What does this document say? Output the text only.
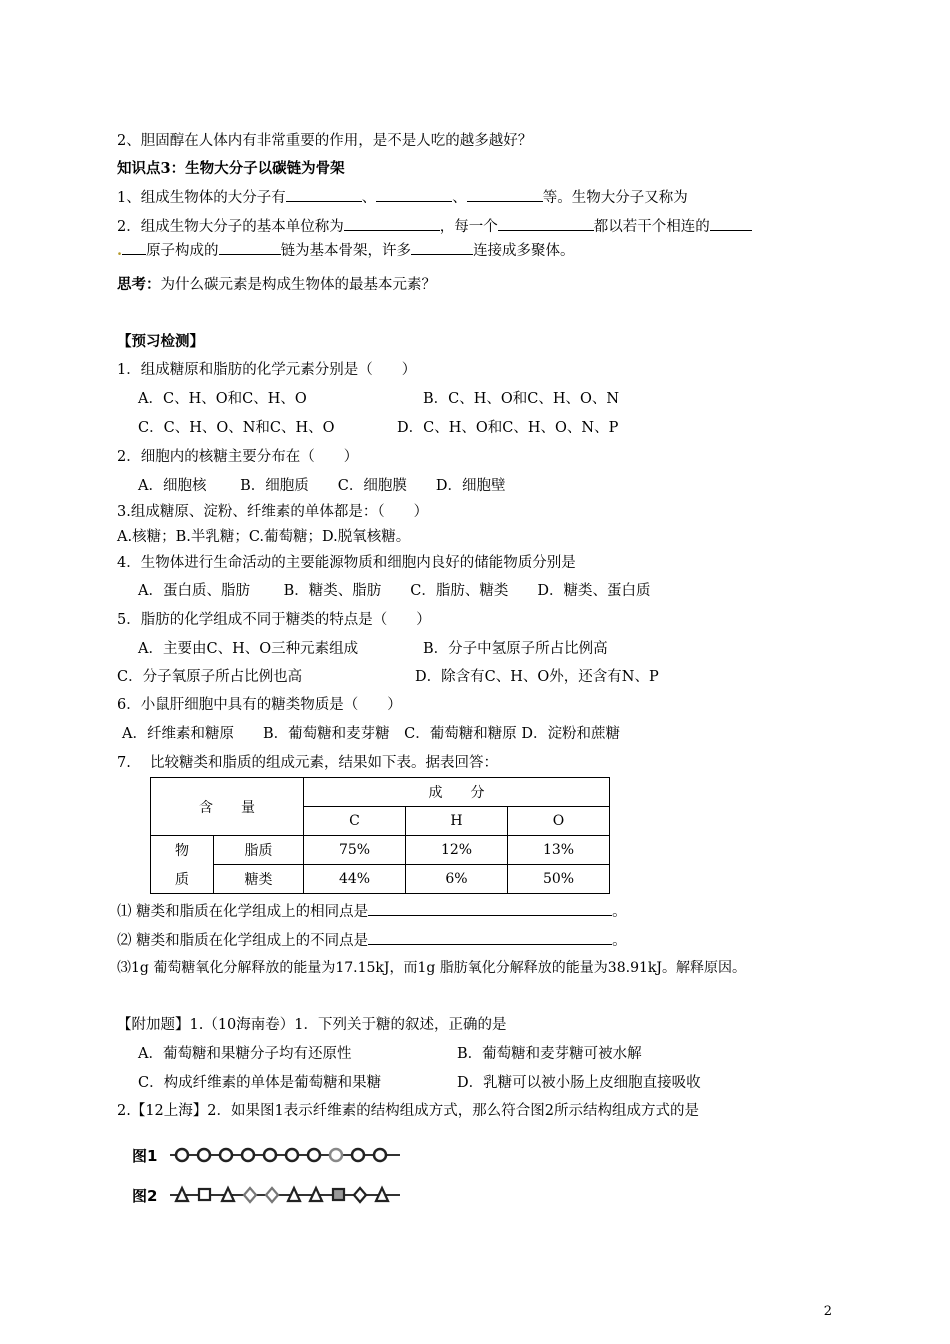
2、胆固醇在人体内有非常重要的作用，是不是人吃的越多越好？
知识点3：生物大分子以碳链为骨架
1、组成生物体的大分子有	、	、	等。生物大分子又称为
2．组成生物大分子的基本单位称为	，每一个	都以若干个相连的
. 原子构成的	链为基本骨架，许多	连接成多聚体。
思考：为什么碳元素是构成生物体的最基本元素？
【预习检测】
1．组成糖原和脂肪的化学元素分别是（　　）
A．C、H、O和C、H、O	B．C、H、O和C、H、O、N
C．C、H、O、N和C、H、O	D．C、H、O和C、H、O、N、P
2．细胞内的核糖主要分布在（　　）
A．细胞核　　 B．细胞质　　C．细胞膜　　D．细胞壁
3.组成糖原、淀粉、纤维素的单体都是：（　　）
A.核糖；B.半乳糖；C.葡萄糖；D.脱氧核糖。
4．生物体进行生命活动的主要能源物质和细胞内良好的储能物质分别是
A．蛋白质、脂肪　　 B．糖类、脂肪　　C．脂肪、糖类　　D．糖类、蛋白质
5．脂肪的化学组成不同于糖类的特点是（　　）
A．主要由C、H、O三种元素组成	B．分子中氢原子所占比例高
C．分子氧原子所占比例也高	D．除含有C、H、O外，还含有N、P
6．小鼠肝细胞中具有的糖类物质是（　　）
A．纤维素和糖原　　B．葡萄糖和麦芽糖　C．葡萄糖和糖原 D．淀粉和蔗糖
7.　 比较糖类和脂质的组成元素，结果如下表。据表回答：
含　　量		成　　分		
		C	H	O
物	脂质	75%	12%	13%
质	糖类	44%	6%	50%
⑴ 糖类和脂质在化学组成上的相同点是	。
⑵ 糖类和脂质在化学组成上的不同点是	。
⑶1g 葡萄糖氧化分解释放的能量为17.15kJ，而1g 脂肪氧化分解释放的能量为38.91kJ。解释原因。
【附加题】1.（10海南卷）1．下列关于糖的叙述，正确的是
A．葡萄糖和果糖分子均有还原性	B．葡萄糖和麦芽糖可被水解
C．构成纤维素的单体是葡萄糖和果糖	D．乳糖可以被小肠上皮细胞直接吸收
2.【12上海】2．如果图1表示纤维素的结构组成方式，那么符合图2所示结构组成方式的是
图1
图2
2
